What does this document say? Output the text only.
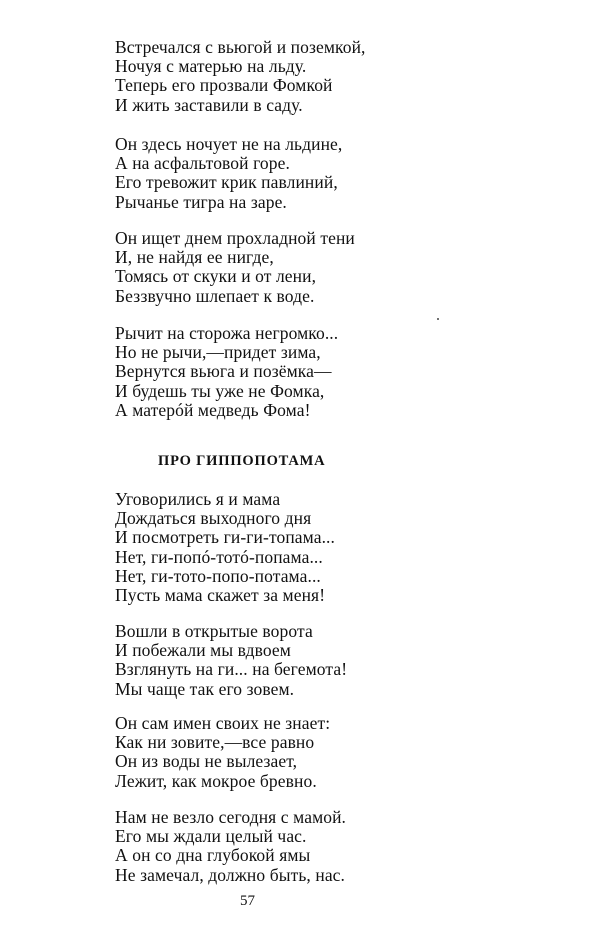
Встречался с вьюгой и поземкой,
Ночуя с матерью на льду.
Теперь его прозвали Фомкой
И жить заставили в саду.
Он здесь ночует не на льдине,
А на асфальтовой горе.
Его тревожит крик павлиний,
Рычанье тигра на заре.
Он ищет днем прохладной тени
И, не найдя ее нигде,
Томясь от скуки и от лени,
Беззвучно шлепает к воде.
Рычит на сторожа негромко...
Но не рычи,—придет зима,
Вернутся вьюга и позёмка—
И будешь ты уже не Фомка,
А матерóй медведь Фома!
ПРО ГИППОПОТАМА
Уговорились я и мама
Дождаться выходного дня
И посмотреть ги-ги-топама...
Нет, ги-попó-тотó-попама...
Нет, ги-тото-попо-потама...
Пусть мама скажет за меня!
Вошли в открытые ворота
И побежали мы вдвоем
Взглянуть на ги... на бегемота!
Мы чаще так его зовем.
Он сам имен своих не знает:
Как ни зовите,—все равно
Он из воды не вылезает,
Лежит, как мокрое бревно.
Нам не везло сегодня с мамой.
Его мы ждали целый час.
А он со дна глубокой ямы
Не замечал, должно быть, нас.
57
